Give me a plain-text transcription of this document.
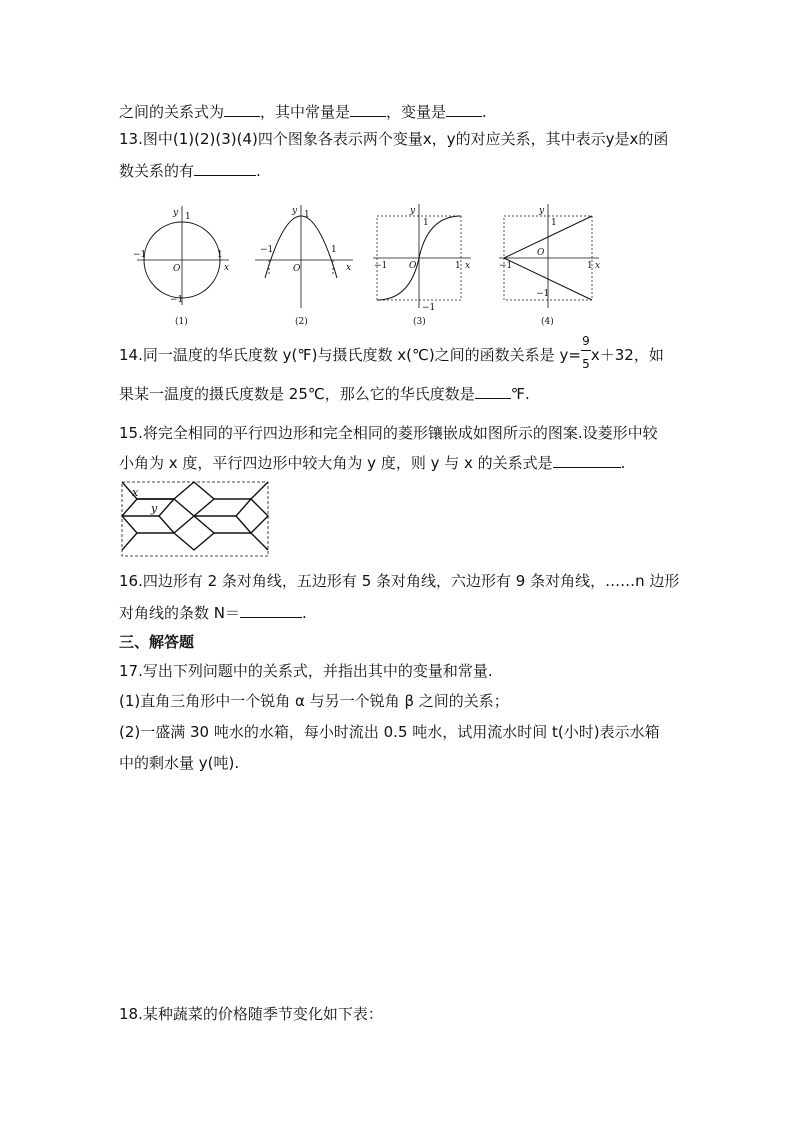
之间的关系式为 ，其中常量是 ，变量是 .
13.图中(1)(2)(3)(4)四个图象各表示两个变量x，y的对应关系，其中表示y是x的函
数关系的有	.
y 1
−1	1
x
O
−1
(1)
y 1
−1	1
x
O
(2)
y
1
−1	1 x
O
−1
(3)
y
1
−1	1 x
O
−1
(4)
14.同一温度的华氏度数 y(℉)与摄氏度数 x(℃)之间的函数关系是 $y= \frac{9}{5} x+32$，如
果某一温度的摄氏度数是 25℃，那么它的华氏度数是 ℉.
15.将完全相同的平行四边形和完全相同的菱形镶嵌成如图所示的图案.设菱形中较
小角为 x 度，平行四边形中较大角为 y 度，则 y 与 x 的关系式是	.
x
y
16.四边形有 2 条对角线，五边形有 5 条对角线，六边形有 9 条对角线，……n 边形
对角线的条数 N＝	.
三、解答题
17.写出下列问题中的关系式，并指出其中的变量和常量.
(1)直角三角形中一个锐角 α 与另一个锐角 β 之间的关系；
(2)一盛满 30 吨水的水箱，每小时流出 0.5 吨水，试用流水时间 t(小时)表示水箱
中的剩水量 y(吨).
18.某种蔬菜的价格随季节变化如下表：
